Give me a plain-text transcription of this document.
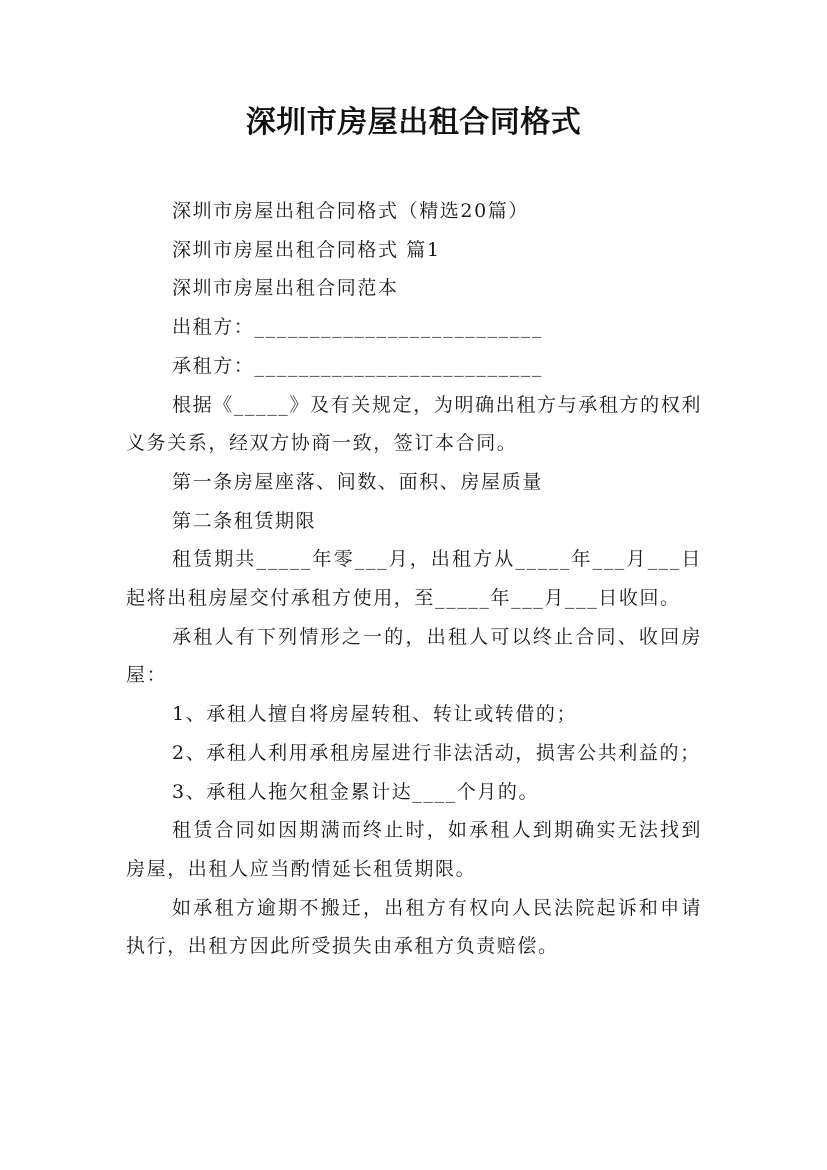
深圳市房屋出租合同格式

深圳市房屋出租合同格式（精选20篇）

深圳市房屋出租合同格式 篇1

深圳市房屋出租合同范本

出租方：__________________________

承租方：__________________________

根据《_____》及有关规定，为明确出租方与承租方的权利义务关系，经双方协商一致，签订本合同。

第一条房屋座落、间数、面积、房屋质量

第二条租赁期限

租赁期共_____年零___月，出租方从_____年___月___日起将出租房屋交付承租方使用，至_____年___月___日收回。

承租人有下列情形之一的，出租人可以终止合同、收回房屋：

1、承租人擅自将房屋转租、转让或转借的；

2、承租人利用承租房屋进行非法活动，损害公共利益的；

3、承租人拖欠租金累计达____个月的。

租赁合同如因期满而终止时，如承租人到期确实无法找到房屋，出租人应当酌情延长租赁期限。

如承租方逾期不搬迁，出租方有权向人民法院起诉和申请执行，出租方因此所受损失由承租方负责赔偿。
